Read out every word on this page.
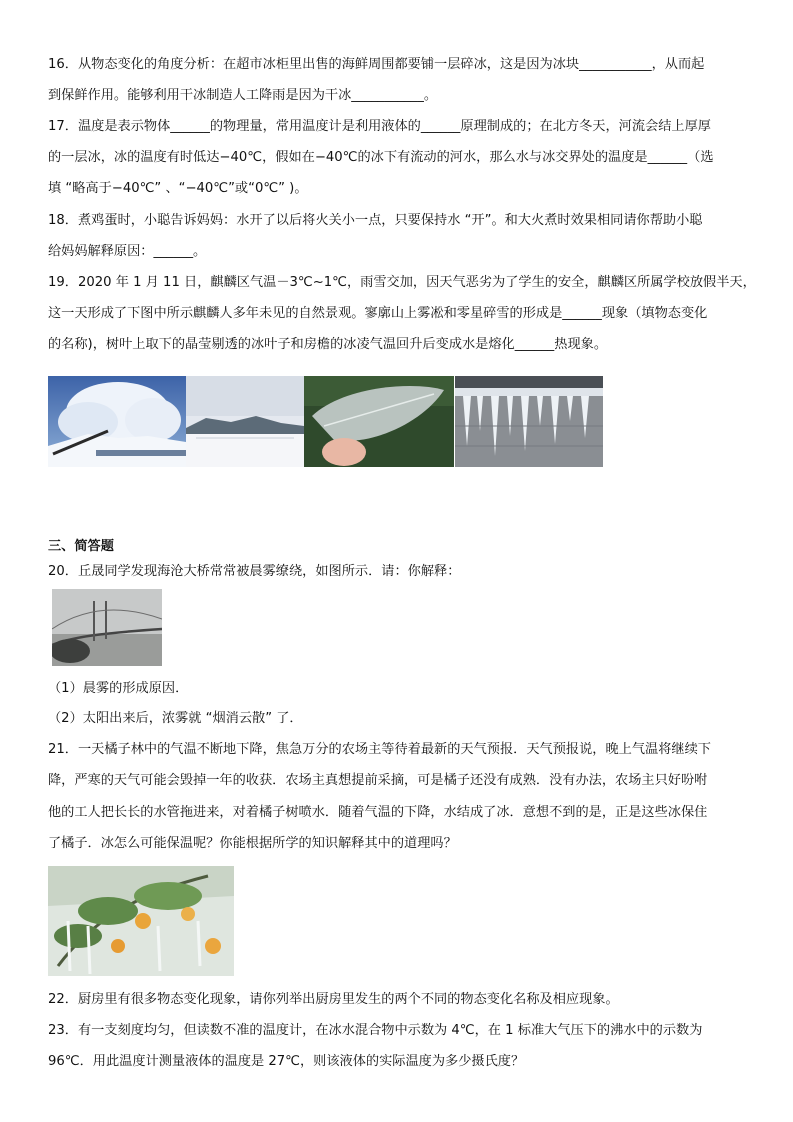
16．从物态变化的角度分析：在超市冰柜里出售的海鲜周围都要铺一层碎冰，这是因为冰块___________，从而起
到保鲜作用。能够利用干冰制造人工降雨是因为干冰___________。
17．温度是表示物体______的物理量，常用温度计是利用液体的______原理制成的；在北方冬天，河流会结上厚厚
的一层冰，冰的温度有时低达−40℃，假如在−40℃的冰下有流动的河水，那么水与冰交界处的温度是______（选
填 “略高于−40℃” 、“−40℃”或“0℃” )。
18．煮鸡蛋时，小聪告诉妈妈：水开了以后将火关小一点，只要保持水 “开”。和大火煮时效果相同请你帮助小聪
给妈妈解释原因：______。
19．2020 年 1 月 11 日，麒麟区气温－3℃~1℃，雨雪交加，因天气恶劣为了学生的安全，麒麟区所属学校放假半天，
这一天形成了下图中所示麒麟人多年未见的自然景观。寥廓山上雾凇和零星碎雪的形成是______现象（填物态变化
的名称)，树叶上取下的晶莹剔透的冰叶子和房檐的冰凌气温回升后变成水是熔化______热现象。
三、简答题
20．丘晟同学发现海沧大桥常常被晨雾缭绕，如图所示．请：你解释：
（1）晨雾的形成原因．
（2）太阳出来后，浓雾就 “烟消云散” 了．
21．一天橘子林中的气温不断地下降，焦急万分的农场主等待着最新的天气预报．天气预报说，晚上气温将继续下
降，严寒的天气可能会毁掉一年的收获．农场主真想提前采摘，可是橘子还没有成熟．没有办法，农场主只好吩咐
他的工人把长长的水管拖进来，对着橘子树喷水．随着气温的下降，水结成了冰．意想不到的是，正是这些冰保住
了橘子．冰怎么可能保温呢？你能根据所学的知识解释其中的道理吗？
22．厨房里有很多物态变化现象，请你列举出厨房里发生的两个不同的物态变化名称及相应现象。
23．有一支刻度均匀，但读数不准的温度计，在冰水混合物中示数为 4℃，在 1 标准大气压下的沸水中的示数为
96℃．用此温度计测量液体的温度是 27℃，则该液体的实际温度为多少摄氏度？
